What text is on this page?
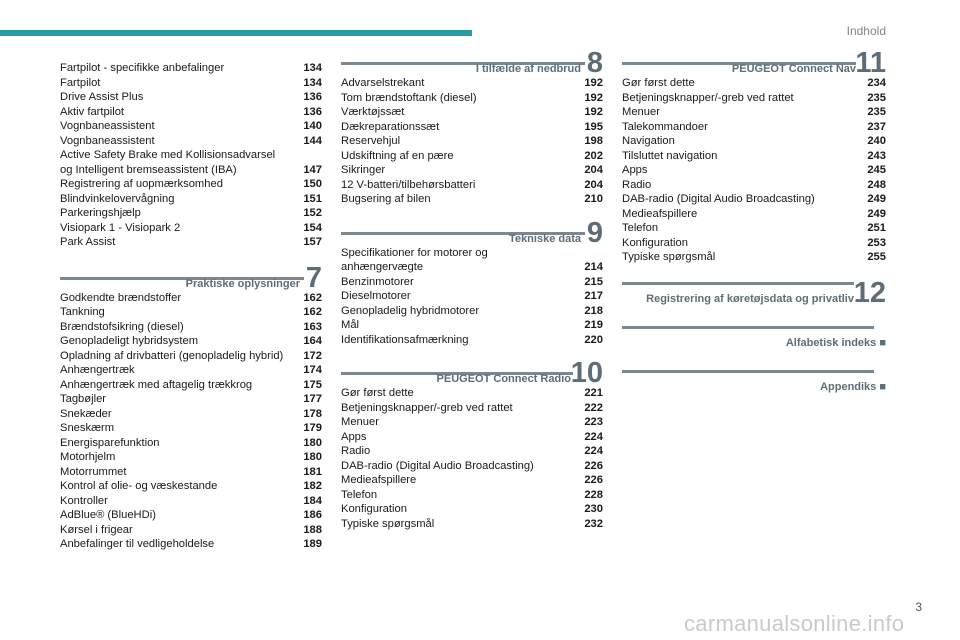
Indhold
Fartpilot - specifikke anbefalinger	134
Fartpilot	134
Drive Assist Plus	136
Aktiv fartpilot	136
Vognbaneassistent	140
Vognbaneassistent	144
Active Safety Brake med Kollisionsadvarsel og Intelligent bremseassistent (IBA)	147
Registrering af uopmærksomhed	150
Blindvinkelovervågning	151
Parkeringshjælp	152
Visiopark 1 - Visiopark 2	154
Park Assist	157
Praktiske oplysninger 7
Godkendte brændstoffer	162
Tankning	162
Brændstofsikring (diesel)	163
Genopladeligt hybridsystem	164
Opladning af drivbatteri (genopladelig hybrid)	172
Anhængertræk	174
Anhængertræk med aftagelig trækkrog	175
Tagbøjler	177
Snekæder	178
Sneskærm	179
Energisparefunktion	180
Motorhjelm	180
Motorrummet	181
Kontrol af olie- og væskestande	182
Kontroller	184
AdBlue® (BlueHDi)	186
Kørsel i frigear	188
Anbefalinger til vedligeholdelse	189
I tilfælde af nedbrud 8
Advarselstrekant	192
Tom brændstoftank (diesel)	192
Værktøjssæt	192
Dækreparationssæt	195
Reservehjul	198
Udskiftning af en pære	202
Sikringer	204
12 V-batteri/tilbehørsbatteri	204
Bugsering af bilen	210
Tekniske data 9
Specifikationer for motorer og anhængervægte	214
Benzinmotorer	215
Dieselmotorer	217
Genopladelig hybridmotorer	218
Mål	219
Identifikationsafmærkning	220
PEUGEOT Connect Radio 10
Gør først dette	221
Betjeningsknapper/-greb ved rattet	222
Menuer	223
Apps	224
Radio	224
DAB-radio (Digital Audio Broadcasting)	226
Medieafspillere	226
Telefon	228
Konfiguration	230
Typiske spørgsmål	232
PEUGEOT Connect Nav 11
Gør først dette	234
Betjeningsknapper/-greb ved rattet	235
Menuer	235
Talekommandoer	237
Navigation	240
Tilsluttet navigation	243
Apps	245
Radio	248
DAB-radio (Digital Audio Broadcasting)	249
Medieafspillere	249
Telefon	251
Konfiguration	253
Typiske spørgsmål	255
Registrering af køretøjsdata og privatliv 12
Alfabetisk indeks ■
Appendiks ■
3
carmanualsonline.info
